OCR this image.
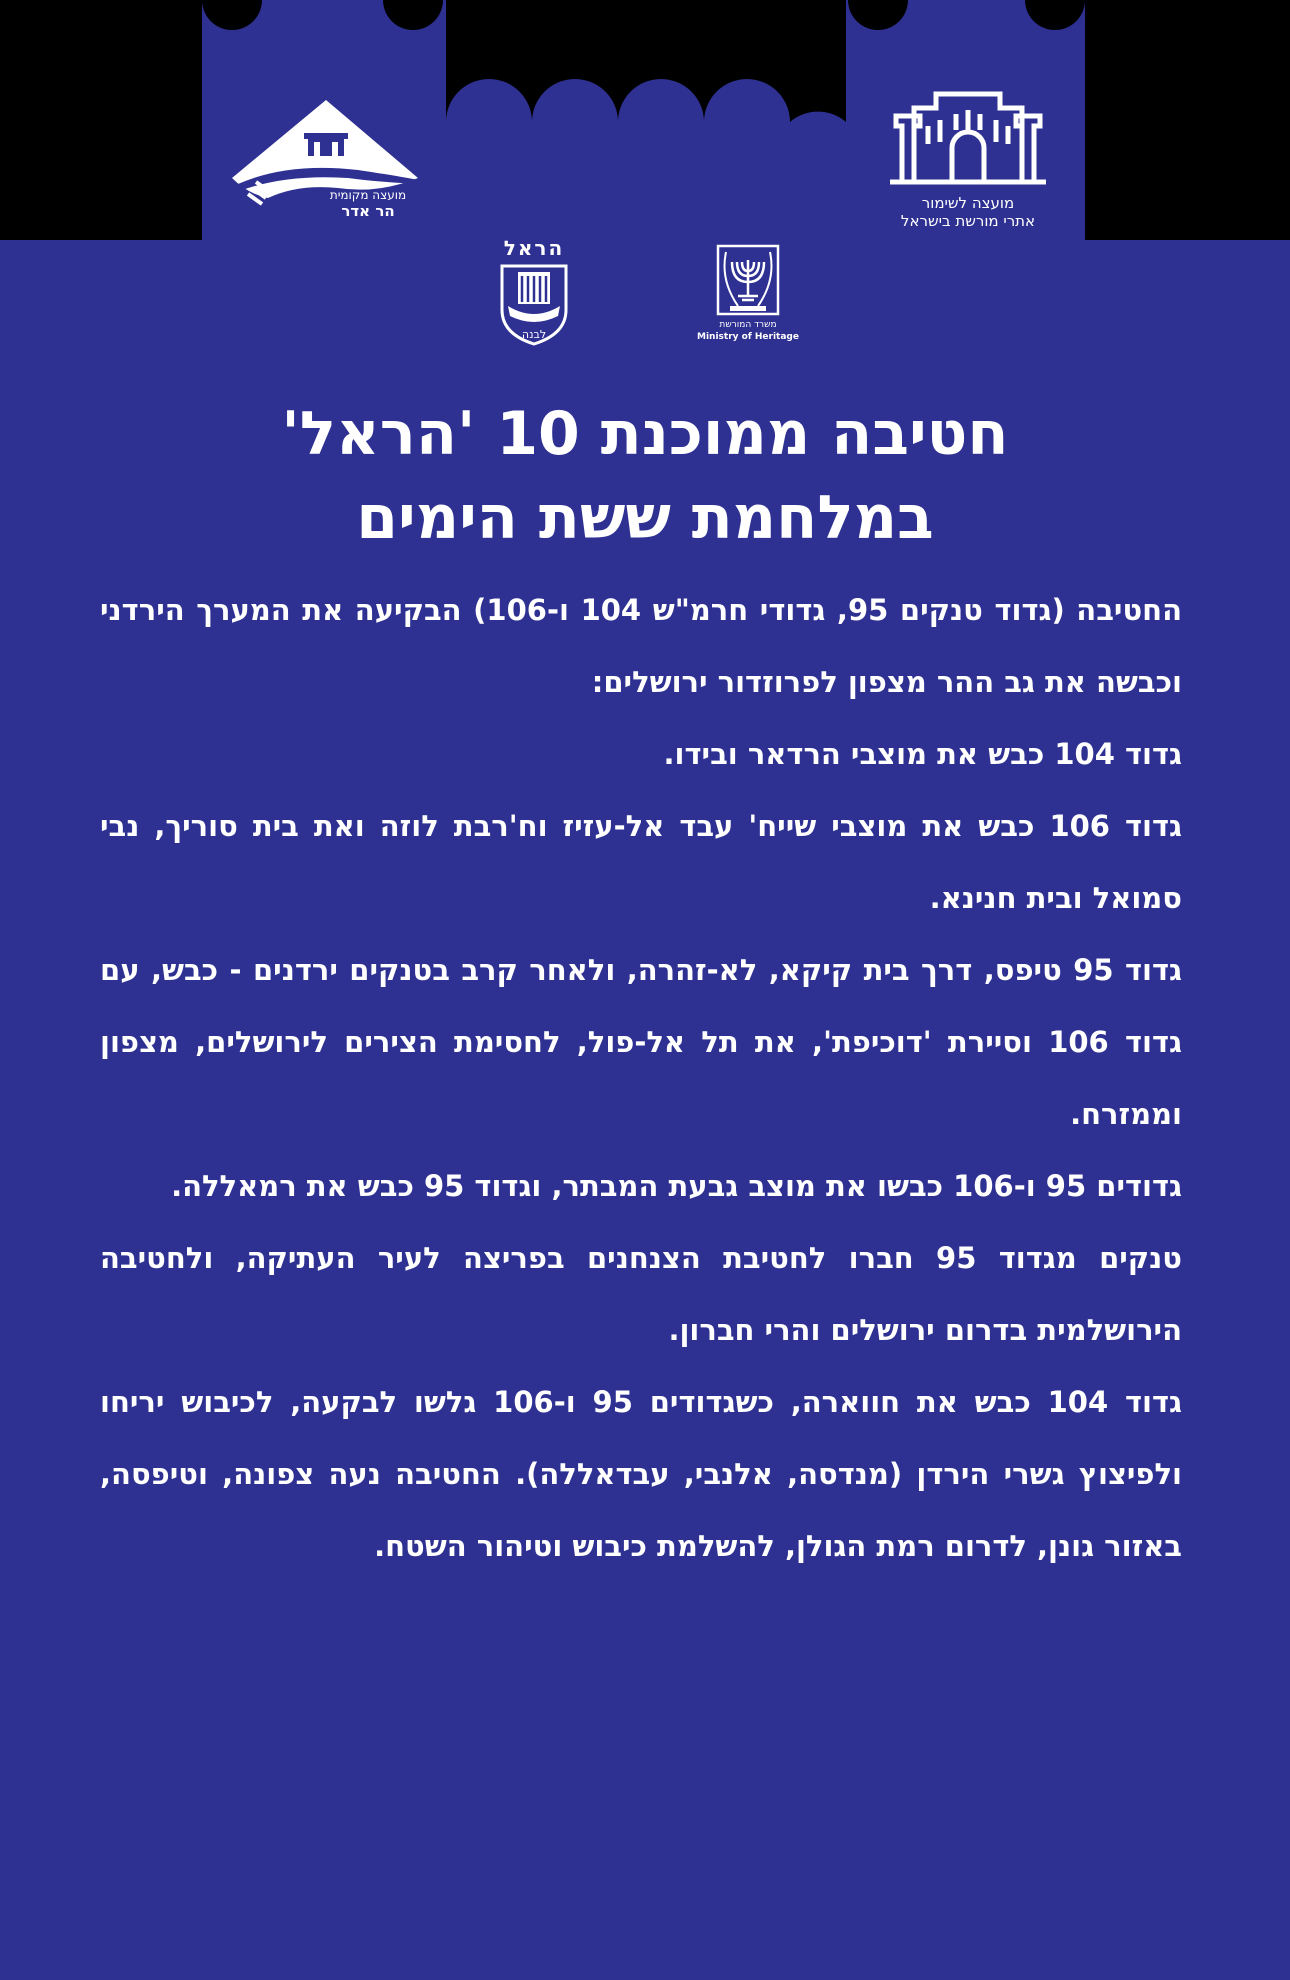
מועצה מקומית
הר אדר	מועצה לשימור
אתרי מורשת בישראל
הראל
לבנה
משרד המורשת
Ministry of Heritage
חטיבה ממוכנת 10 'הראל'
במלחמת ששת הימים

החטיבה (גדוד טנקים 95, גדודי חרמ"ש 104 ו-106) הבקיעה את המערך הירדני וכבשה את גב ההר מצפון לפרוזדור ירושלים:

גדוד 104 כבש את מוצבי הרדאר ובידו.

גדוד 106 כבש את מוצבי שייח' עבד אל-עזיז וח'רבת לוזה ואת בית סוריך, נבי סמואל ובית חנינא.

גדוד 95 טיפס, דרך בית קיקא, לא-זהרה, ולאחר קרב בטנקים ירדנים - כבש, עם גדוד 106 וסיירת 'דוכיפת', את תל אל-פול, לחסימת הצירים לירושלים, מצפון וממזרח.

גדודים 95 ו-106 כבשו את מוצב גבעת המבתר, וגדוד 95 כבש את רמאללה.

טנקים מגדוד 95 חברו לחטיבת הצנחנים בפריצה לעיר העתיקה, ולחטיבה הירושלמית בדרום ירושלים והרי חברון.

גדוד 104 כבש את חווארה, כשגדודים 95 ו-106 גלשו לבקעה, לכיבוש יריחו ולפיצוץ גשרי הירדן (מנדסה, אלנבי, עבדאללה). החטיבה נעה צפונה, וטיפסה, באזור גונן, לדרום רמת הגולן, להשלמת כיבוש וטיהור השטח.
